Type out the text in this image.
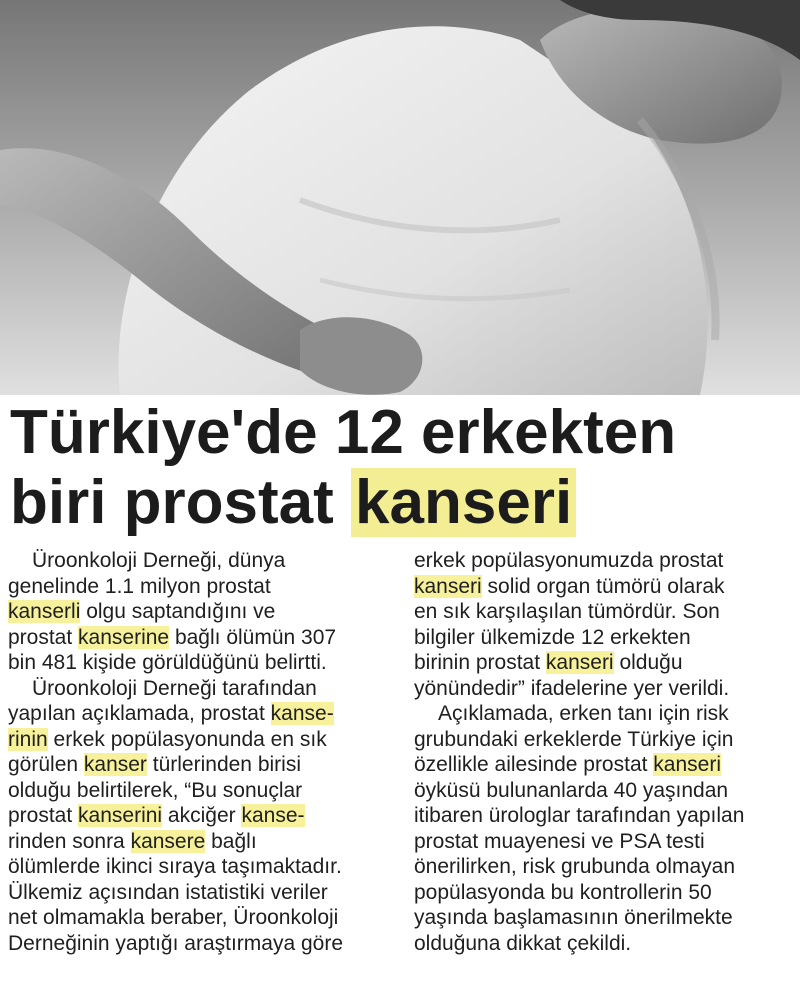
Türkiye'de 12 erkekten
biri prostat kanseri
Üroonkoloji Derneği, dünya
genelinde 1.1 milyon prostat
kanserli olgu saptandığını ve
prostat kanserine bağlı ölümün 307
bin 481 kişide görüldüğünü belirtti.
Üroonkoloji Derneği tarafından
yapılan açıklamada, prostat kanse-
rinin erkek popülasyonunda en sık
görülen kanser türlerinden birisi
olduğu belirtilerek, “Bu sonuçlar
prostat kanserini akciğer kanse-
rinden sonra kansere bağlı
ölümlerde ikinci sıraya taşımaktadır.
Ülkemiz açısından istatistiki veriler
net olmamakla beraber, Üroonkoloji
Derneğinin yaptığı araştırmaya göre
erkek popülasyonumuzda prostat
kanseri solid organ tümörü olarak
en sık karşılaşılan tümördür. Son
bilgiler ülkemizde 12 erkekten
birinin prostat kanseri olduğu
yönündedir” ifadelerine yer verildi.
Açıklamada, erken tanı için risk
grubundaki erkeklerde Türkiye için
özellikle ailesinde prostat kanseri
öyküsü bulunanlarda 40 yaşından
itibaren ürologlar tarafından yapılan
prostat muayenesi ve PSA testi
önerilirken, risk grubunda olmayan
popülasyonda bu kontrollerin 50
yaşında başlamasının önerilmekte
olduğuna dikkat çekildi.
